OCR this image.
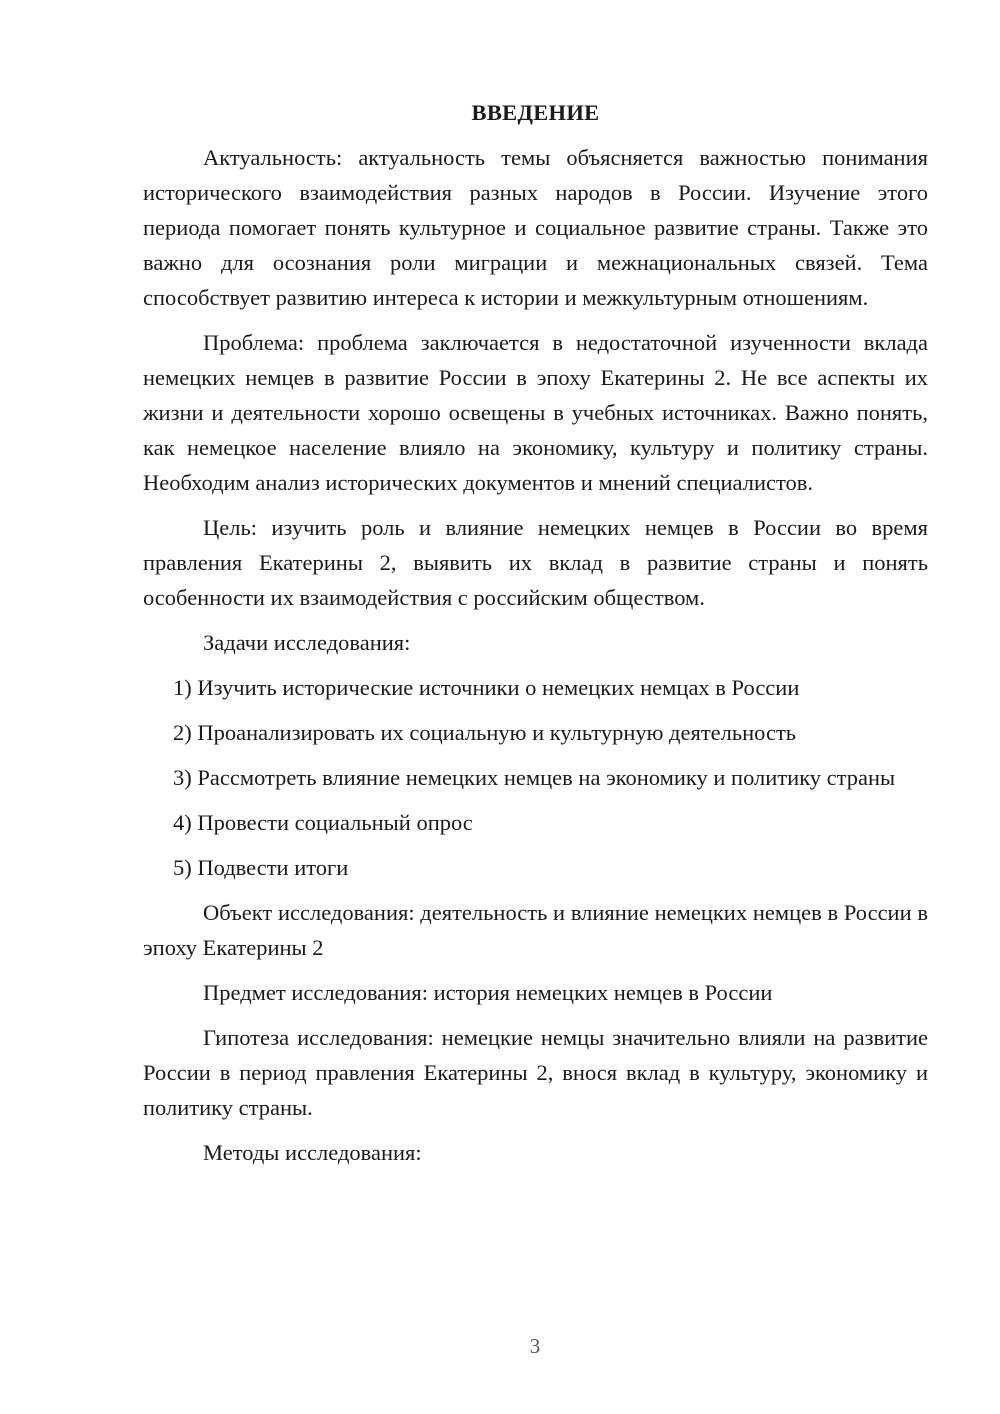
ВВЕДЕНИЕ

Актуальность: актуальность темы объясняется важностью понимания исторического взаимодействия разных народов в России. Изучение этого периода помогает понять культурное и социальное развитие страны. Также это важно для осознания роли миграции и межнациональных связей. Тема способствует развитию интереса к истории и межкультурным отношениям.

Проблема: проблема заключается в недостаточной изученности вклада немецких немцев в развитие России в эпоху Екатерины 2. Не все аспекты их жизни и деятельности хорошо освещены в учебных источниках. Важно понять, как немецкое население влияло на экономику, культуру и политику страны. Необходим анализ исторических документов и мнений специалистов.

Цель: изучить роль и влияние немецких немцев в России во время правления Екатерины 2, выявить их вклад в развитие страны и понять особенности их взаимодействия с российским обществом.

Задачи исследования:

1) Изучить исторические источники о немецких немцах в России

2) Проанализировать их социальную и культурную деятельность

3) Рассмотреть влияние немецких немцев на экономику и политику страны

4) Провести социальный опрос

5) Подвести итоги

Объект исследования: деятельность и влияние немецких немцев в России в эпоху Екатерины 2

Предмет исследования: история немецких немцев в России

Гипотеза исследования: немецкие немцы значительно влияли на развитие России в период правления Екатерины 2, внося вклад в культуру, экономику и политику страны.

Методы исследования:

3
